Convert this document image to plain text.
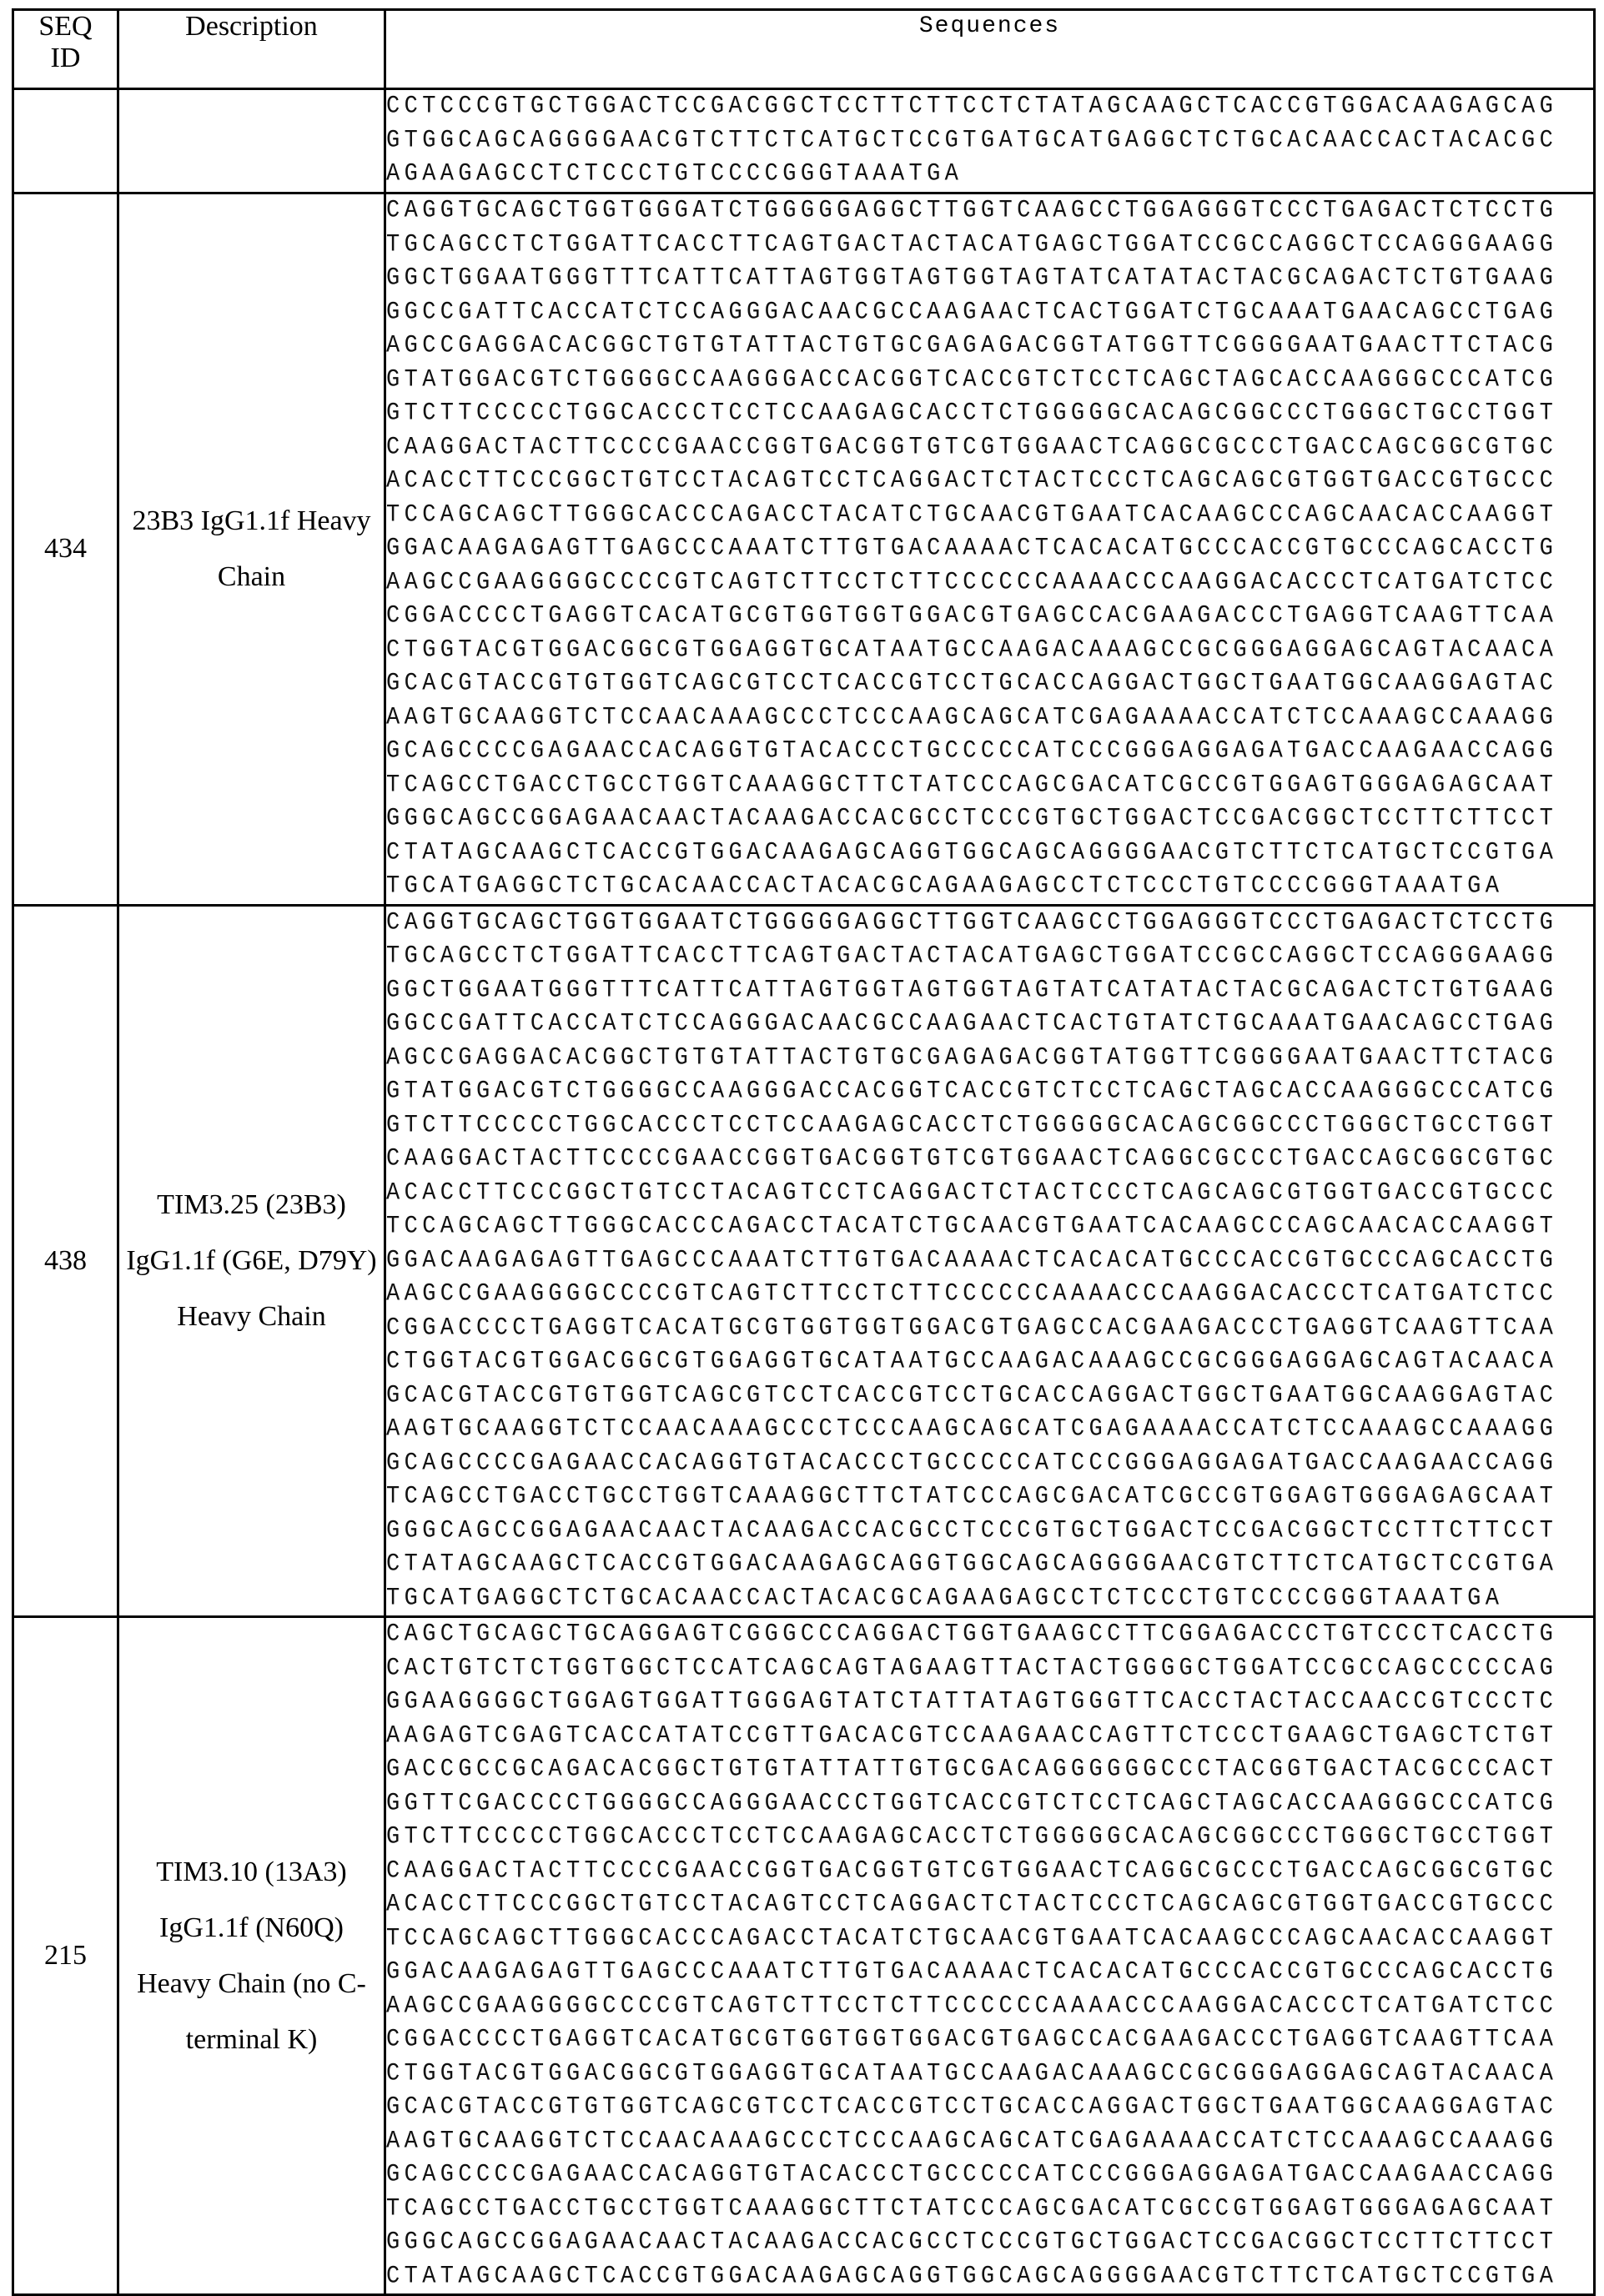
SEQ
ID	Description	Sequences

		CCTCCCGTGCTGGACTCCGACGGCTCCTTCTTCCTCTATAGCAAGCTCACCGTGGACAAGAGCAG
GTGGCAGCAGGGGAACGTCTTCTCATGCTCCGTGATGCATGAGGCTCTGCACAACCACTACACGC
AGAAGAGCCTCTCCCTGTCCCCGGGTAAATGA

434	23B3 IgG1.1f Heavy Chain	
CAGGTGCAGCTGGTGGGATCTGGGGGAGGCTTGGTCAAGCCTGGAGGGTCCCTGAGACTCTCCTG
TGCAGCCTCTGGATTCACCTTCAGTGACTACTACATGAGCTGGATCCGCCAGGCTCCAGGGAAGG
GGCTGGAATGGGTTTCATTCATTAGTGGTAGTGGTAGTATCATATACTACGCAGACTCTGTGAAG
GGCCGATTCACCATCTCCAGGGACAACGCCAAGAACTCACTGGATCTGCAAATGAACAGCCTGAG
AGCCGAGGACACGGCTGTGTATTACTGTGCGAGAGACGGTATGGTTCGGGGAATGAACTTCTACG
GTATGGACGTCTGGGGCCAAGGGACCACGGTCACCGTCTCCTCAGCTAGCACCAAGGGCCCATCG
GTCTTCCCCCTGGCACCCTCCTCCAAGAGCACCTCTGGGGGCACAGCGGCCCTGGGCTGCCTGGT
CAAGGACTACTTCCCCGAACCGGTGACGGTGTCGTGGAACTCAGGCGCCCTGACCAGCGGCGTGC
ACACCTTCCCGGCTGTCCTACAGTCCTCAGGACTCTACTCCCTCAGCAGCGTGGTGACCGTGCCC
TCCAGCAGCTTGGGCACCCAGACCTACATCTGCAACGTGAATCACAAGCCCAGCAACACCAAGGT
GGACAAGAGAGTTGAGCCCAAATCTTGTGACAAAACTCACACATGCCCACCGTGCCCAGCACCTG
AAGCCGAAGGGGCCCCGTCAGTCTTCCTCTTCCCCCCAAAACCCAAGGACACCCTCATGATCTCC
CGGACCCCTGAGGTCACATGCGTGGTGGTGGACGTGAGCCACGAAGACCCTGAGGTCAAGTTCAA
CTGGTACGTGGACGGCGTGGAGGTGCATAATGCCAAGACAAAGCCGCGGGAGGAGCAGTACAACA
GCACGTACCGTGTGGTCAGCGTCCTCACCGTCCTGCACCAGGACTGGCTGAATGGCAAGGAGTAC
AAGTGCAAGGTCTCCAACAAAGCCCTCCCAAGCAGCATCGAGAAAACCATCTCCAAAGCCAAAGG
GCAGCCCCGAGAACCACAGGTGTACACCCTGCCCCCATCCCGGGAGGAGATGACCAAGAACCAGG
TCAGCCTGACCTGCCTGGTCAAAGGCTTCTATCCCAGCGACATCGCCGTGGAGTGGGAGAGCAAT
GGGCAGCCGGAGAACAACTACAAGACCACGCCTCCCGTGCTGGACTCCGACGGCTCCTTCTTCCT
CTATAGCAAGCTCACCGTGGACAAGAGCAGGTGGCAGCAGGGGAACGTCTTCTCATGCTCCGTGA
TGCATGAGGCTCTGCACAACCACTACACGCAGAAGAGCCTCTCCCTGTCCCCGGGTAAATGA

438	TIM3.25 (23B3) IgG1.1f (G6E, D79Y) Heavy Chain	
CAGGTGCAGCTGGTGGAATCTGGGGGAGGCTTGGTCAAGCCTGGAGGGTCCCTGAGACTCTCCTG
TGCAGCCTCTGGATTCACCTTCAGTGACTACTACATGAGCTGGATCCGCCAGGCTCCAGGGAAGG
GGCTGGAATGGGTTTCATTCATTAGTGGTAGTGGTAGTATCATATACTACGCAGACTCTGTGAAG
GGCCGATTCACCATCTCCAGGGACAACGCCAAGAACTCACTGTATCTGCAAATGAACAGCCTGAG
AGCCGAGGACACGGCTGTGTATTACTGTGCGAGAGACGGTATGGTTCGGGGAATGAACTTCTACG
GTATGGACGTCTGGGGCCAAGGGACCACGGTCACCGTCTCCTCAGCTAGCACCAAGGGCCCATCG
GTCTTCCCCCTGGCACCCTCCTCCAAGAGCACCTCTGGGGGCACAGCGGCCCTGGGCTGCCTGGT
CAAGGACTACTTCCCCGAACCGGTGACGGTGTCGTGGAACTCAGGCGCCCTGACCAGCGGCGTGC
ACACCTTCCCGGCTGTCCTACAGTCCTCAGGACTCTACTCCCTCAGCAGCGTGGTGACCGTGCCC
TCCAGCAGCTTGGGCACCCAGACCTACATCTGCAACGTGAATCACAAGCCCAGCAACACCAAGGT
GGACAAGAGAGTTGAGCCCAAATCTTGTGACAAAACTCACACATGCCCACCGTGCCCAGCACCTG
AAGCCGAAGGGGCCCCGTCAGTCTTCCTCTTCCCCCCAAAACCCAAGGACACCCTCATGATCTCC
CGGACCCCTGAGGTCACATGCGTGGTGGTGGACGTGAGCCACGAAGACCCTGAGGTCAAGTTCAA
CTGGTACGTGGACGGCGTGGAGGTGCATAATGCCAAGACAAAGCCGCGGGAGGAGCAGTACAACA
GCACGTACCGTGTGGTCAGCGTCCTCACCGTCCTGCACCAGGACTGGCTGAATGGCAAGGAGTAC
AAGTGCAAGGTCTCCAACAAAGCCCTCCCAAGCAGCATCGAGAAAACCATCTCCAAAGCCAAAGG
GCAGCCCCGAGAACCACAGGTGTACACCCTGCCCCCATCCCGGGAGGAGATGACCAAGAACCAGG
TCAGCCTGACCTGCCTGGTCAAAGGCTTCTATCCCAGCGACATCGCCGTGGAGTGGGAGAGCAAT
GGGCAGCCGGAGAACAACTACAAGACCACGCCTCCCGTGCTGGACTCCGACGGCTCCTTCTTCCT
CTATAGCAAGCTCACCGTGGACAAGAGCAGGTGGCAGCAGGGGAACGTCTTCTCATGCTCCGTGA
TGCATGAGGCTCTGCACAACCACTACACGCAGAAGAGCCTCTCCCTGTCCCCGGGTAAATGA

215	TIM3.10 (13A3) IgG1.1f (N60Q) Heavy Chain (no C-terminal K)	
CAGCTGCAGCTGCAGGAGTCGGGCCCAGGACTGGTGAAGCCTTCGGAGACCCTGTCCCTCACCTG
CACTGTCTCTGGTGGCTCCATCAGCAGTAGAAGTTACTACTGGGGCTGGATCCGCCAGCCCCCAG
GGAAGGGGCTGGAGTGGATTGGGAGTATCTATTATAGTGGGTTCACCTACTACCAACCGTCCCTC
AAGAGTCGAGTCACCATATCCGTTGACACGTCCAAGAACCAGTTCTCCCTGAAGCTGAGCTCTGT
GACCGCCGCAGACACGGCTGTGTATTATTGTGCGACAGGGGGGCCCTACGGTGACTACGCCCACT
GGTTCGACCCCTGGGGCCAGGGAACCCTGGTCACCGTCTCCTCAGCTAGCACCAAGGGCCCATCG
GTCTTCCCCCTGGCACCCTCCTCCAAGAGCACCTCTGGGGGCACAGCGGCCCTGGGCTGCCTGGT
CAAGGACTACTTCCCCGAACCGGTGACGGTGTCGTGGAACTCAGGCGCCCTGACCAGCGGCGTGC
ACACCTTCCCGGCTGTCCTACAGTCCTCAGGACTCTACTCCCTCAGCAGCGTGGTGACCGTGCCC
TCCAGCAGCTTGGGCACCCAGACCTACATCTGCAACGTGAATCACAAGCCCAGCAACACCAAGGT
GGACAAGAGAGTTGAGCCCAAATCTTGTGACAAAACTCACACATGCCCACCGTGCCCAGCACCTG
AAGCCGAAGGGGCCCCGTCAGTCTTCCTCTTCCCCCCAAAACCCAAGGACACCCTCATGATCTCC
CGGACCCCTGAGGTCACATGCGTGGTGGTGGACGTGAGCCACGAAGACCCTGAGGTCAAGTTCAA
CTGGTACGTGGACGGCGTGGAGGTGCATAATGCCAAGACAAAGCCGCGGGAGGAGCAGTACAACA
GCACGTACCGTGTGGTCAGCGTCCTCACCGTCCTGCACCAGGACTGGCTGAATGGCAAGGAGTAC
AAGTGCAAGGTCTCCAACAAAGCCCTCCCAAGCAGCATCGAGAAAACCATCTCCAAAGCCAAAGG
GCAGCCCCGAGAACCACAGGTGTACACCCTGCCCCCATCCCGGGAGGAGATGACCAAGAACCAGG
TCAGCCTGACCTGCCTGGTCAAAGGCTTCTATCCCAGCGACATCGCCGTGGAGTGGGAGAGCAAT
GGGCAGCCGGAGAACAACTACAAGACCACGCCTCCCGTGCTGGACTCCGACGGCTCCTTCTTCCT
CTATAGCAAGCTCACCGTGGACAAGAGCAGGTGGCAGCAGGGGAACGTCTTCTCATGCTCCGTGA
